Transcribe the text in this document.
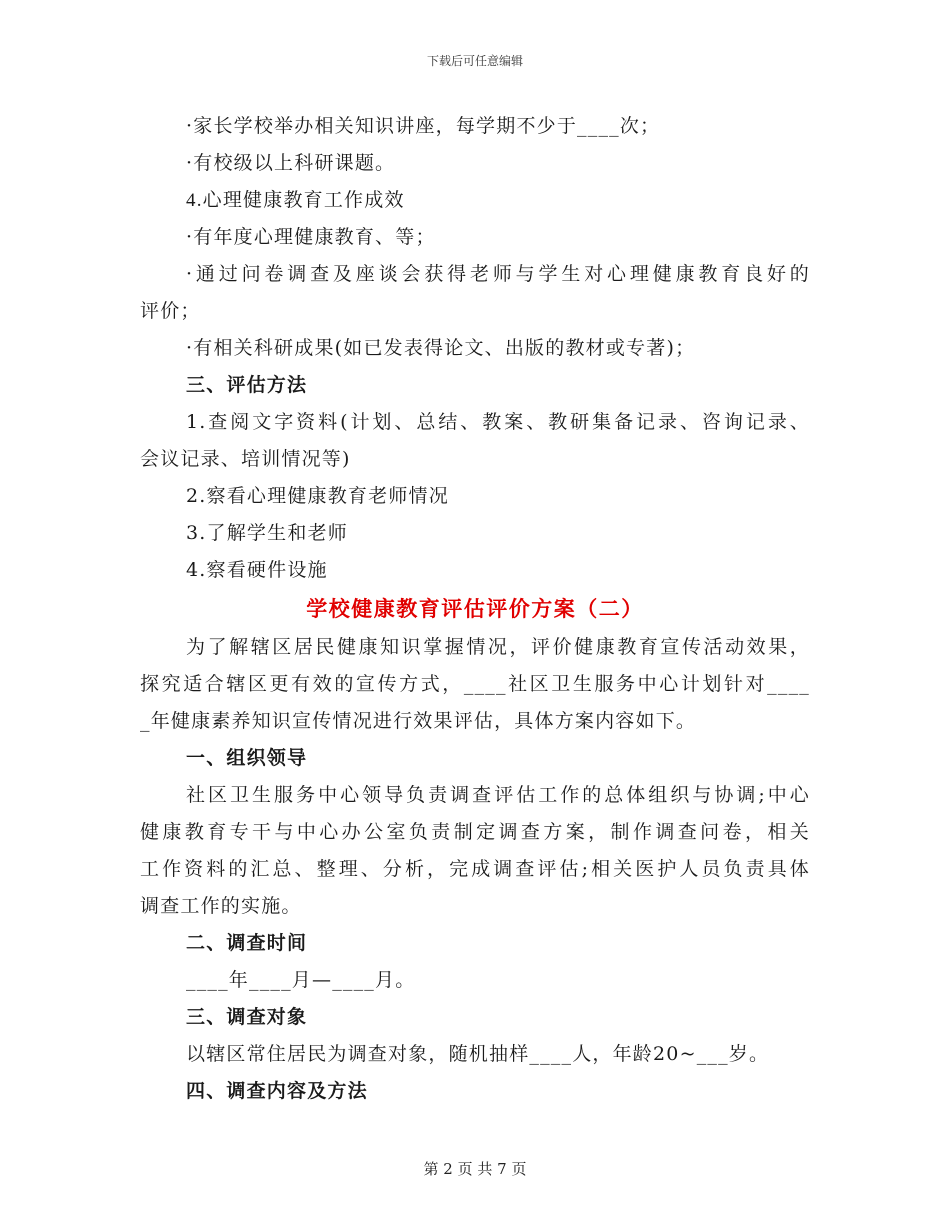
下载后可任意编辑
·家长学校举办相关知识讲座，每学期不少于____次；
·有校级以上科研课题。
4.心理健康教育工作成效
·有年度心理健康教育、等；
·通过问卷调查及座谈会获得老师与学生对心理健康教育良好的
评价；
·有相关科研成果(如已发表得论文、出版的教材或专著)；
三、评估方法
1.查阅文字资料(计划、总结、教案、教研集备记录、咨询记录、
会议记录、培训情况等)
2.察看心理健康教育老师情况
3.了解学生和老师
4.察看硬件设施
学校健康教育评估评价方案（二）
为了解辖区居民健康知识掌握情况，评价健康教育宣传活动效果，
探究适合辖区更有效的宣传方式，____社区卫生服务中心计划针对____
_年健康素养知识宣传情况进行效果评估，具体方案内容如下。
一、组织领导
社区卫生服务中心领导负责调查评估工作的总体组织与协调;中心
健康教育专干与中心办公室负责制定调查方案，制作调查问卷，相关
工作资料的汇总、整理、分析，完成调查评估;相关医护人员负责具体
调查工作的实施。
二、调查时间
____年____月—____月。
三、调查对象
以辖区常住居民为调查对象，随机抽样____人，年龄20~___岁。
四、调查内容及方法
第 2 页 共 7 页
